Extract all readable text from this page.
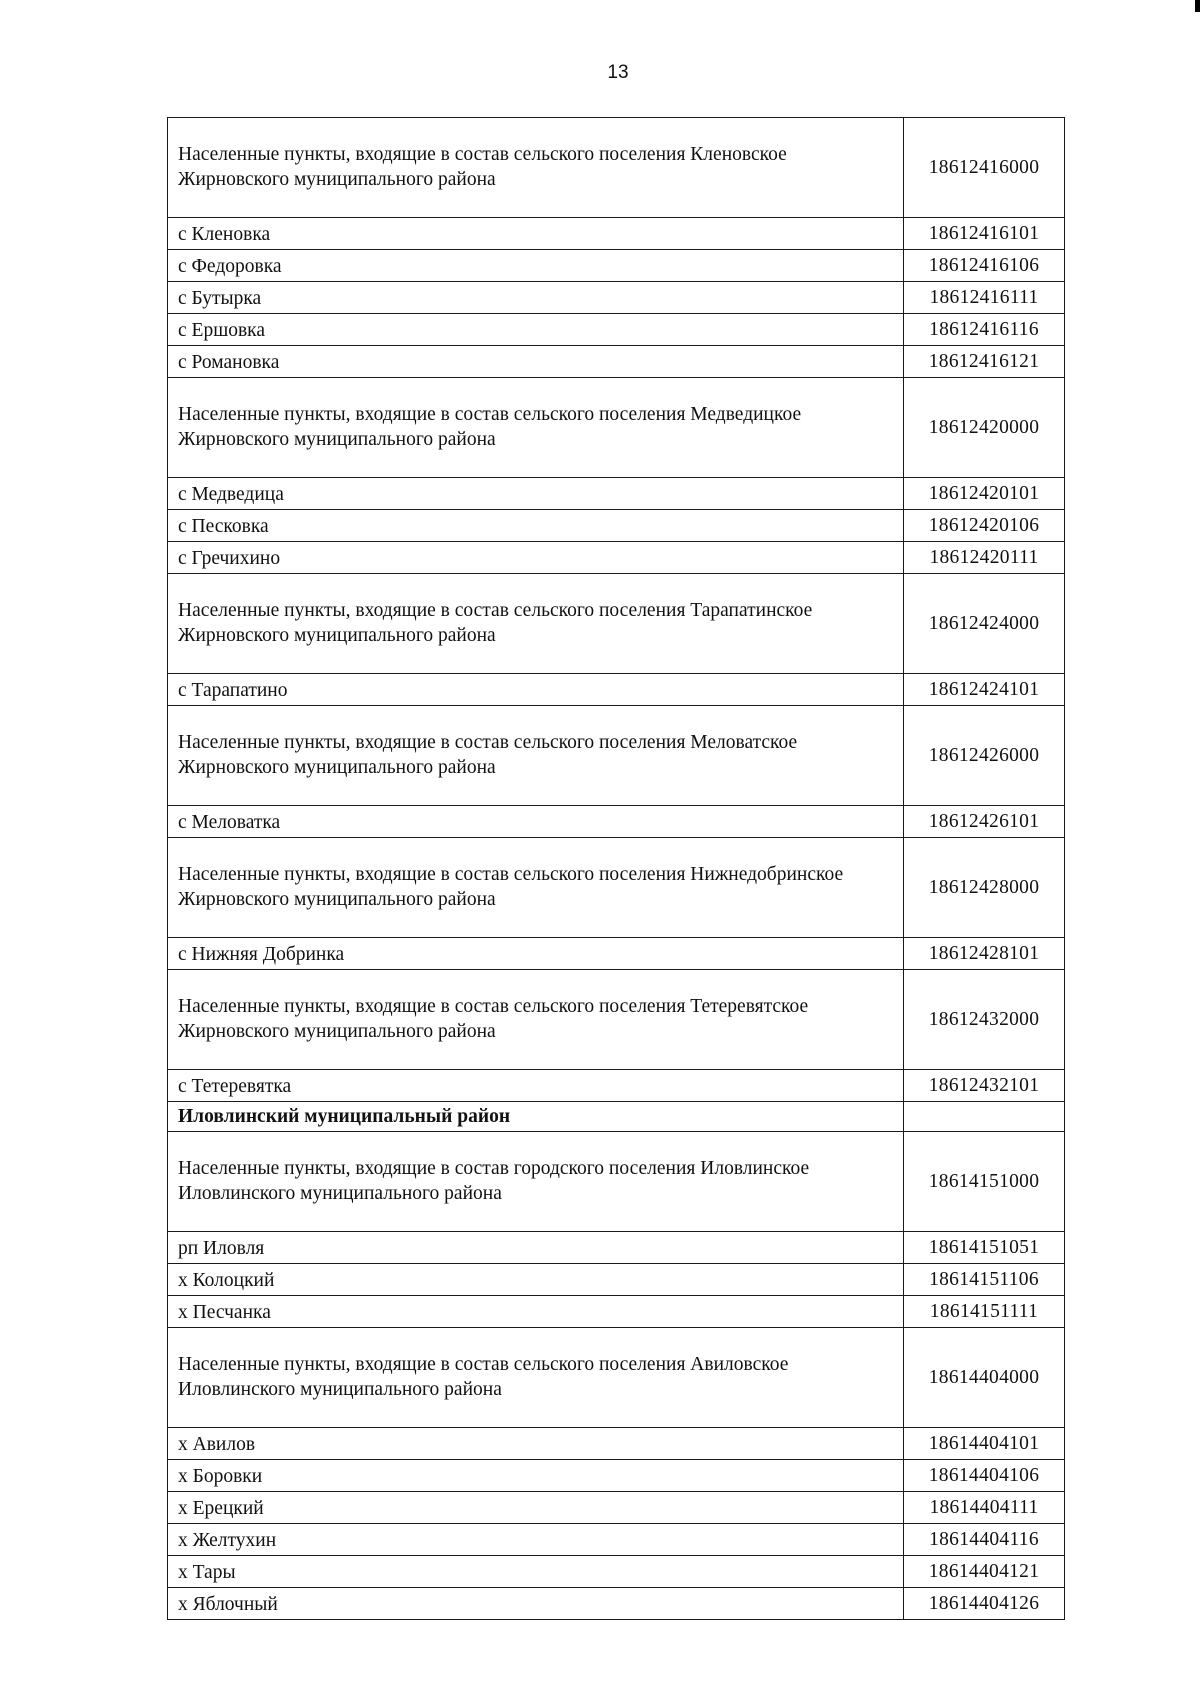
13
Населенные пункты, входящие в состав сельского поселения Кленовское Жирновского муниципального района	18612416000
с Кленовка	18612416101
с Федоровка	18612416106
с Бутырка	18612416111
с Ершовка	18612416116
с Романовка	18612416121
Населенные пункты, входящие в состав сельского поселения Медведицкое Жирновского муниципального района	18612420000
с Медведица	18612420101
с Песковка	18612420106
с Гречихино	18612420111
Населенные пункты, входящие в состав сельского поселения Тарапатинское Жирновского муниципального района	18612424000
с Тарапатино	18612424101
Населенные пункты, входящие в состав сельского поселения Меловатское Жирновского муниципального района	18612426000
с Меловатка	18612426101
Населенные пункты, входящие в состав сельского поселения Нижнедобринское Жирновского муниципального района	18612428000
с Нижняя Добринка	18612428101
Населенные пункты, входящие в состав сельского поселения Тетеревятское Жирновского муниципального района	18612432000
с Тетеревятка	18612432101
Иловлинский муниципальный район	
Населенные пункты, входящие в состав городского поселения Иловлинское Иловлинского муниципального района	18614151000
рп Иловля	18614151051
х Колоцкий	18614151106
х Песчанка	18614151111
Населенные пункты, входящие в состав сельского поселения Авиловское Иловлинского муниципального района	18614404000
х Авилов	18614404101
х Боровки	18614404106
х Ерецкий	18614404111
х Желтухин	18614404116
х Тары	18614404121
х Яблочный	18614404126
